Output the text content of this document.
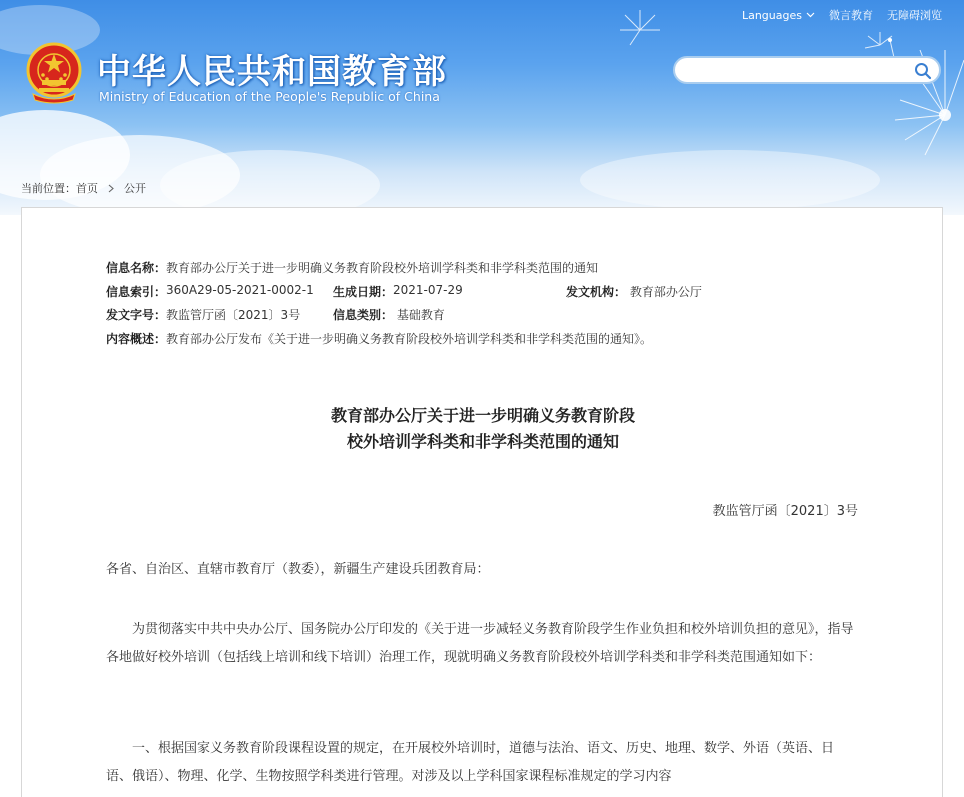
Languages 微言教育 无障碍浏览
中华人民共和国教育部
Ministry of Education of the People's Republic of China
当前位置： 首页 公开
信息名称： 教育部办公厅关于进一步明确义务教育阶段校外培训学科类和非学科类范围的通知
信息索引： 360A29-05-2021-0002-1 生成日期： 2021-07-29	发文机构： 教育部办公厅
发文字号： 教监管厅函〔2021〕3号	信息类别： 基础教育
内容概述： 教育部办公厅发布《关于进一步明确义务教育阶段校外培训学科类和非学科类范围的通知》。
教育部办公厅关于进一步明确义务教育阶段
校外培训学科类和非学科类范围的通知
教监管厅函〔2021〕3号
各省、自治区、直辖市教育厅（教委），新疆生产建设兵团教育局：
为贯彻落实中共中央办公厅、国务院办公厅印发的《关于进一步减轻义务教育阶段学生作业负担和校外培训负担的意见》，指导各地做好校外培训（包括线上培训和线下培训）治理工作，现就明确义务教育阶段校外培训学科类和非学科类范围通知如下：
一、根据国家义务教育阶段课程设置的规定，在开展校外培训时，道德与法治、语文、历史、地理、数学、外语（英语、日语、俄语）、物理、化学、生物按照学科类进行管理。对涉及以上学科国家课程标准规定的学习内容
